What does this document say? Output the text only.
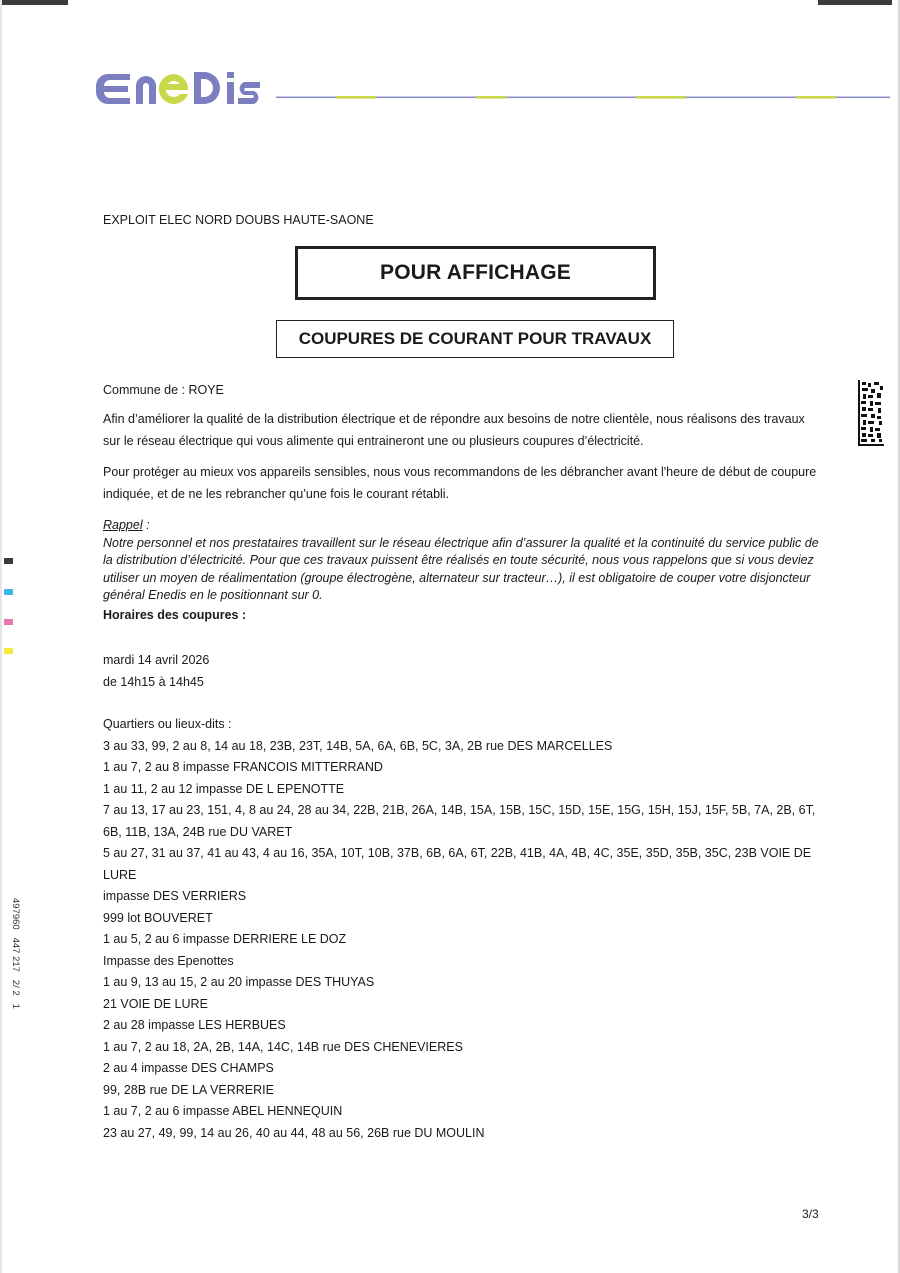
EXPLOIT ELEC NORD DOUBS HAUTE-SAONE
POUR AFFICHAGE
COUPURES DE COURANT POUR TRAVAUX
Commune de : ROYE
Afin d’améliorer la qualité de la distribution électrique et de répondre aux besoins de notre clientèle, nous réalisons des travaux sur le réseau électrique qui vous alimente qui entraineront une ou plusieurs coupures d’électricité.
Pour protéger au mieux vos appareils sensibles, nous vous recommandons de les débrancher avant l'heure de début de coupure indiquée, et de ne les rebrancher qu’une fois le courant rétabli.
Rappel :
Notre personnel et nos prestataires travaillent sur le réseau électrique afin d’assurer la qualité et la continuité du service public de la distribution d’électricité. Pour que ces travaux puissent être réalisés en toute sécurité, nous vous rappelons que si vous deviez utiliser un moyen de réalimentation (groupe électrogène, alternateur sur tracteur…), il est obligatoire de couper votre disjoncteur général Enedis en le positionnant sur 0.
Horaires des coupures :
mardi 14 avril 2026
de 14h15 à 14h45
Quartiers ou lieux-dits :
3 au 33, 99, 2 au 8, 14 au 18, 23B, 23T, 14B, 5A, 6A, 6B, 5C, 3A, 2B rue DES MARCELLES
1 au 7, 2 au 8 impasse FRANCOIS MITTERRAND
1 au 11, 2 au 12 impasse DE L EPENOTTE
7 au 13, 17 au 23, 151, 4, 8 au 24, 28 au 34, 22B, 21B, 26A, 14B, 15A, 15B, 15C, 15D, 15E, 15G, 15H, 15J, 15F, 5B, 7A, 2B, 6T, 6B, 11B, 13A, 24B rue DU VARET
5 au 27, 31 au 37, 41 au 43, 4 au 16, 35A, 10T, 10B, 37B, 6B, 6A, 6T, 22B, 41B, 4A, 4B, 4C, 35E, 35D, 35B, 35C, 23B VOIE DE LURE
impasse DES VERRIERS
999 lot BOUVERET
1 au 5, 2 au 6 impasse DERRIERE LE DOZ
Impasse des Epenottes
1 au 9, 13 au 15, 2 au 20 impasse DES THUYAS
21 VOIE DE LURE
2 au 28 impasse LES HERBUES
1 au 7, 2 au 18, 2A, 2B, 14A, 14C, 14B rue DES CHENEVIERES
2 au 4 impasse DES CHAMPS
99, 28B rue DE LA VERRERIE
1 au 7, 2 au 6 impasse ABEL HENNEQUIN
23 au 27, 49, 99, 14 au 26, 40 au 44, 48 au 56, 26B rue DU MOULIN
3/3
497960   447 217   2/ 2   1
